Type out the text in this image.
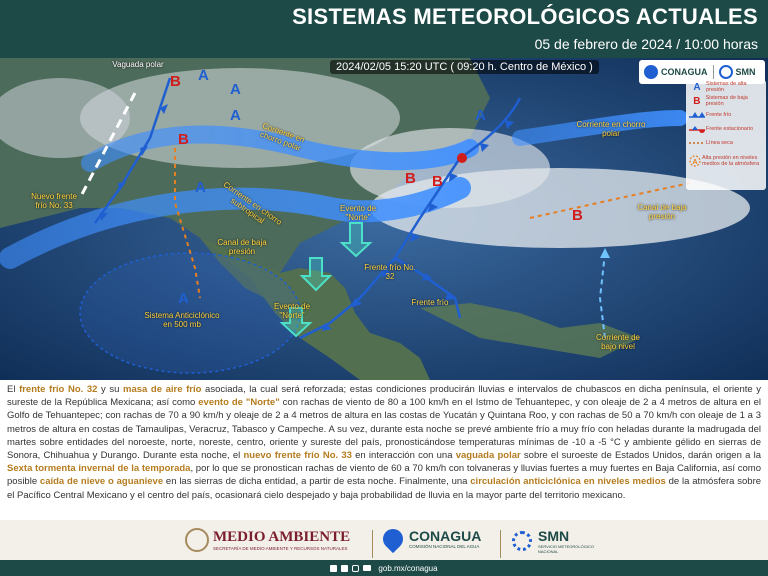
SISTEMAS METEOROLÓGICOS ACTUALES
05 de febrero de 2024 / 10:00 horas
A
B	A
A
B
A
A
B B
B
A
Vaguada polar
Corriente en chorro polar
Corriente en chorro polar
Corriente en chorro subtropical
Nuevo frente frío No. 33
Canal de baja presión
Canal de baja presión
Evento de "Norte"
Evento de "Norte"
Frente frío No. 32
Frente frío
Sistema Anticiclónico en 500 mb
Corriente de bajo nivel
2024/02/05 15:20 UTC ( 09:20 h. Centro de México )	CONAGUA	SMN
A Sistemas de alta presión
B Sistemas de baja presión
Frente frío
Frente estacionario
Línea seca
A
Alta presión en niveles medios de la atmósfera

El frente frío No. 32 y su masa de aire frío asociada, la cual será reforzada; estas condiciones producirán lluvias e intervalos de chubascos en dicha península, el oriente y sureste de la República Mexicana; así como evento de "Norte" con rachas de viento de 80 a 100 km/h en el Istmo de Tehuantepec, y con oleaje de 2 a 4 metros de altura en el Golfo de Tehuantepec; con rachas de 70 a 90 km/h y oleaje de 2 a 4 metros de altura en las costas de Yucatán y Quintana Roo, y con rachas de 50 a 70 km/h con oleaje de 1 a 3 metros de altura en costas de Tamaulipas, Veracruz, Tabasco y Campeche. A su vez, durante esta noche se prevé ambiente frío a muy frío con heladas durante la madrugada del martes sobre entidades del noroeste, norte, noreste, centro, oriente y sureste del país, pronosticándose temperaturas mínimas de -10 a -5 °C y ambiente gélido en sierras de Sonora, Chihuahua y Durango. Durante esta noche, el nuevo frente frío No. 33 en interacción con una vaguada polar sobre el suroeste de Estados Unidos, darán origen a la Sexta tormenta invernal de la temporada, por lo que se pronostican rachas de viento de 60 a 70 km/h con tolvaneras y lluvias fuertes a muy fuertes en Baja California, así como posible caída de nieve o aguanieve en las sierras de dicha entidad, a partir de esta noche. Finalmente, una circulación anticiclónica en niveles medios de la atmósfera sobre el Pacífico Central Mexicano y el centro del país, ocasionará cielo despejado y baja probabilidad de lluvia en la mayor parte del territorio mexicano.

MEDIO AMBIENTE
SECRETARÍA DE MEDIO AMBIENTE Y RECURSOS NATURALES
CONAGUA
COMISIÓN NACIONAL DEL AGUA
SMN
SERVICIO METEOROLÓGICO NACIONAL
gob.mx/conagua
